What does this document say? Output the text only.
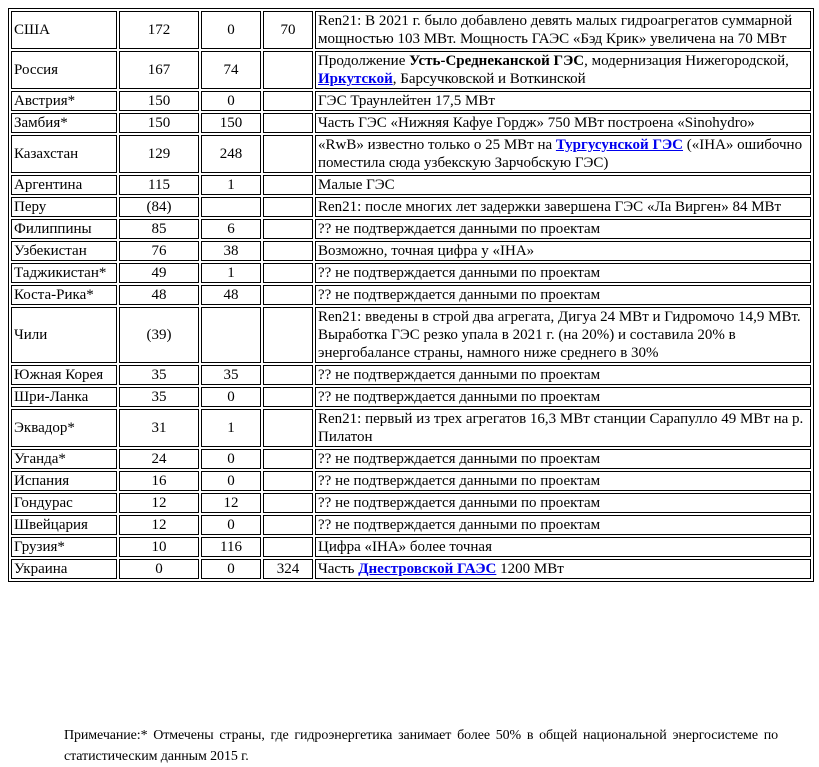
США	172	0	70	Ren21: В 2021 г. было добавлено девять малых гидроагрегатов суммарной мощностью 103 МВт. Мощность ГАЭС «Бэд Крик» увеличена на 70 МВт
Россия	167	74		Продолжение Усть-Среднеканской ГЭС, модернизация Нижегородской, Иркутской, Барсучковской и Воткинской
Австрия*	150	0		ГЭС Траунлейтен 17,5 МВт
Замбия*	150	150		Часть ГЭС «Нижняя Кафуе Гордж» 750 МВт построена «Sinohydro»
Казахстан	129	248		«RwB» известно только о 25 МВт на Тургусунской ГЭС («IHA» ошибочно поместила сюда узбекскую Зарчобскую ГЭС)
Аргентина	115	1		Малые ГЭС
Перу	(84)			Ren21: после многих лет задержки завершена ГЭС «Ла Вирген» 84 МВт
Филиппины	85	6		?? не подтверждается данными по проектам
Узбекистан	76	38		Возможно, точная цифра у «IHA»
Таджикистан*	49	1		?? не подтверждается данными по проектам
Коста-Рика*	48	48		?? не подтверждается данными по проектам
Чили	(39)			Ren21: введены в строй два агрегата, Дигуа 24 МВт и Гидромочо 14,9 МВт. Выработка ГЭС резко упала в 2021 г. (на 20%) и составила 20% в энергобалансе страны, намного ниже среднего в 30%
Южная Корея	35	35		?? не подтверждается данными по проектам
Шри-Ланка	35	0		?? не подтверждается данными по проектам
Эквадор*	31	1		Ren21: первый из трех агрегатов 16,3 МВт станции Сарапулло 49 МВт на р. Пилатон
Уганда*	24	0		?? не подтверждается данными по проектам
Испания	16	0		?? не подтверждается данными по проектам
Гондурас	12	12		?? не подтверждается данными по проектам
Швейцария	12	0		?? не подтверждается данными по проектам
Грузия*	10	116		Цифра «IHA» более точная
Украина	0	0	324	Часть Днестровской ГАЭС 1200 МВт

Примечание:* Отмечены страны, где гидроэнергетика занимает более 50% в общей национальной энергосистеме по статистическим данным 2015 г.
